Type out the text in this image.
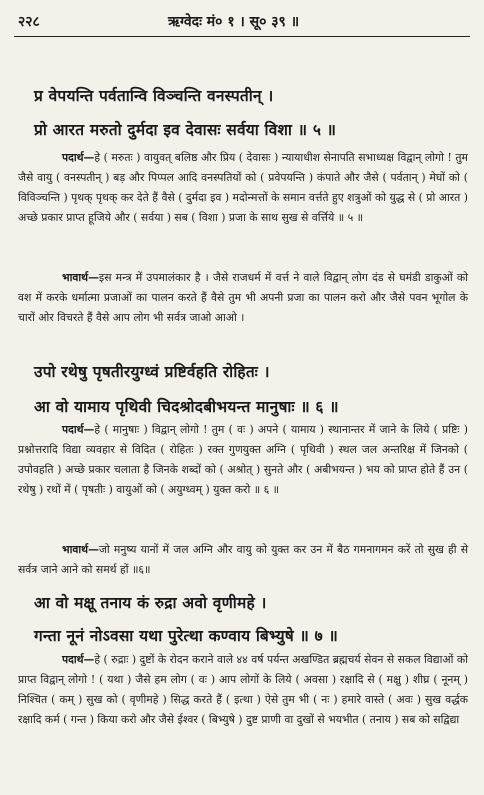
२२८	ऋग्वेदः मं० १ । सू० ३९ ॥
प्र वेपयन्ति पर्वतान्वि विञ्चन्ति वनस्पतीन् ।
प्रो आरत मरुतो दुर्मदा इव देवासः सर्वया विशा ॥ ५ ॥
पदार्थ—हे ( मरुतः ) वायुवत् बलिष्ठ और प्रिय ( देवासः ) न्यायाधीश सेनापति सभाध्यक्ष विद्वान् लोगो ! तुम जैसे वायु ( वनस्पतीन् ) बड़ और पिप्पल आदि वनस्पतियों को ( प्रवेपयन्ति ) कंपाते और जैसे ( पर्वतान् ) मेघों को ( विविञ्चन्ति ) पृथक् पृथक् कर देते हैं वैसे ( दुर्मदा इव ) मदोन्मत्तों के समान वर्त्तते हुए शत्रुओं को युद्ध से ( प्रो आरत ) अच्छे प्रकार प्राप्त हूजिये और ( सर्वया ) सब ( विशा ) प्रजा के साथ सुख से वर्त्तिये ॥ ५ ॥
भावार्थ—इस मन्त्र में उपमालंकार है । जैसे राजधर्म में वर्त्त ने वाले विद्वान् लोग दंड से घमंडी डाकुओं को वश में करके धर्मात्मा प्रजाओं का पालन करते हैं वैसे तुम भी अपनी प्रजा का पालन करो और जैसे पवन भूगोल के चारों ओर विचरते हैं वैसे आप लोग भी सर्वत्र जाओ आओ ।
उपो रथेषु पृषतीरयुग्ध्वं प्रष्टिर्वहति रोहितः ।
आ वो यामाय पृथिवी चिदश्रोदबीभयन्त मानुषाः ॥ ६ ॥
पदार्थ—हे ( मानुषाः ) विद्वान् लोगो ! तुम ( वः ) अपने ( यामाय ) स्थानान्तर में जाने के लिये ( प्रष्टिः ) प्रश्नोत्तरादि विद्या व्यवहार से विदित ( रोहितः ) रक्त गुणयुक्त अग्नि ( पृथिवी ) स्थल जल अन्तरिक्ष में जिनको ( उपोवहति ) अच्छे प्रकार चलाता है जिनके शब्दों को ( अश्रोत् ) सुनते और ( अबीभयन्त ) भय को प्राप्त होते हैं उन ( रथेषु ) रथों में ( पृषतीः ) वायुओं को ( अयुग्ध्वम् ) युक्त करो ॥ ६ ॥
भावार्थ—जो मनुष्य यानों में जल अग्नि और वायु को युक्त कर उन में बैठ गमनागमन करें तो सुख ही से सर्वत्र जाने आने को समर्थ हों ॥६॥
आ वो मक्षू तनाय कं रुद्रा अवो वृणीमहे ।
गन्ता नूनं नोऽवसा यथा पुरेत्था कण्वाय बिभ्युषे ॥ ७ ॥
पदार्थ—हे ( रुद्राः ) दुष्टों के रोदन कराने वाले ४४ वर्ष पर्यन्त अखण्डित ब्रह्मचर्य सेवन से सकल विद्याओं को प्राप्त विद्वान् लोगो ! ( यथा ) जैसे हम लोग ( वः ) आप लोगों के लिये ( अवसा ) रक्षादि से ( मक्षु ) शीघ्र ( नूनम् ) निश्चित ( कम् ) सुख को ( वृणीमहे ) सिद्ध करते हैं ( इत्था ) ऐसे तुम भी ( नः ) हमारे वास्ते ( अवः ) सुख वर्द्धक रक्षादि कर्म ( गन्त ) किया करो और जैसे ईश्वर ( बिभ्युषे ) दुष्ट प्राणी वा दुखों से भयभीत ( तनाय ) सब को सद्विद्या
